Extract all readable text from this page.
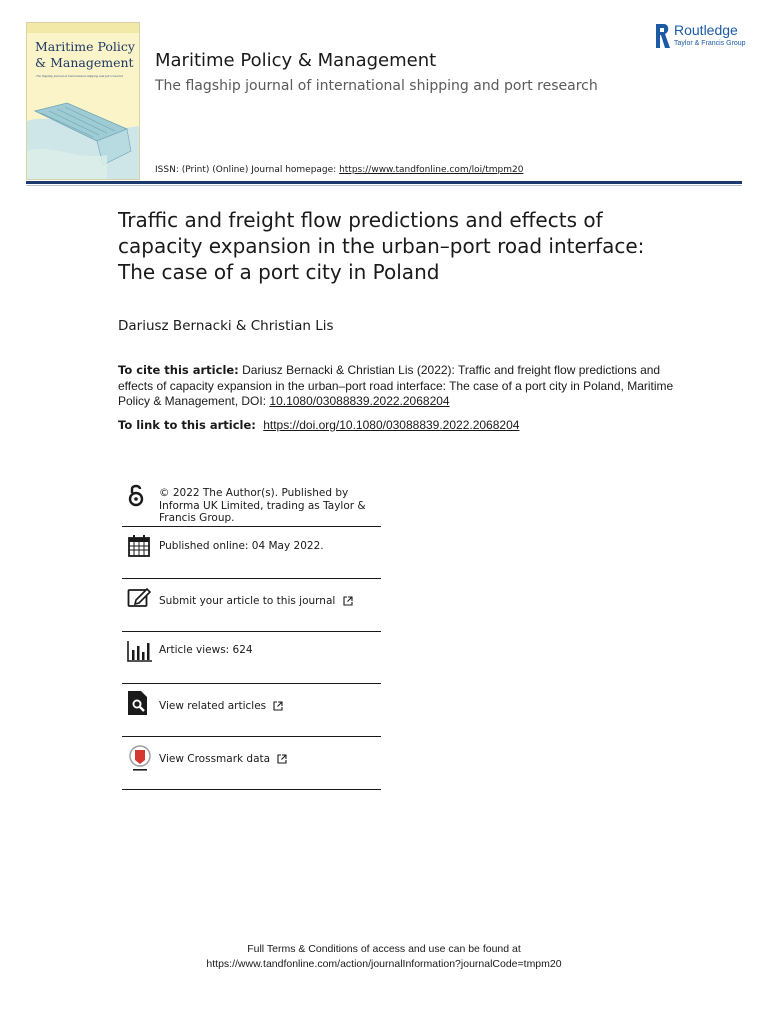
Maritime Policy
& Management
The flagship journal of international shipping and port research
Maritime Policy & Management
The flagship journal of international shipping and port research
ISSN: (Print) (Online) Journal homepage: https://www.tandfonline.com/loi/tmpm20
Routledge
Taylor & Francis Group
Traffic and freight flow predictions and effects of capacity expansion in the urban–port road interface: The case of a port city in Poland
Dariusz Bernacki & Christian Lis
To cite this article: Dariusz Bernacki & Christian Lis (2022): Traffic and freight flow predictions and effects of capacity expansion in the urban–port road interface: The case of a port city in Poland, Maritime Policy & Management, DOI: 10.1080/03088839.2022.2068204
To link to this article:  https://doi.org/10.1080/03088839.2022.2068204
© 2022 The Author(s). Published by Informa UK Limited, trading as Taylor & Francis Group.
Published online: 04 May 2022.
Submit your article to this journal
Article views: 624
View related articles
View Crossmark data
Full Terms & Conditions of access and use can be found at
https://www.tandfonline.com/action/journalInformation?journalCode=tmpm20
